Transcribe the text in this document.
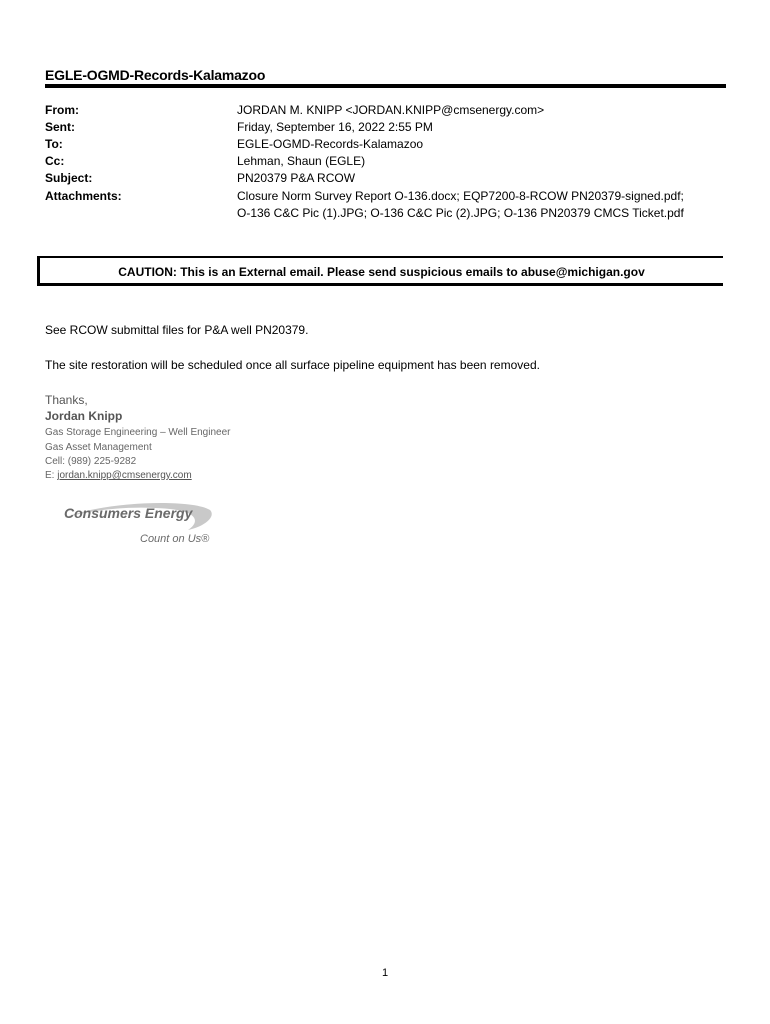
EGLE-OGMD-Records-Kalamazoo
From:	JORDAN M. KNIPP <JORDAN.KNIPP@cmsenergy.com>
Sent:	Friday, September 16, 2022 2:55 PM
To:	EGLE-OGMD-Records-Kalamazoo
Cc:	Lehman, Shaun (EGLE)
Subject:	PN20379 P&A RCOW
Attachments:	Closure Norm Survey Report O-136.docx; EQP7200-8-RCOW PN20379-signed.pdf;
O-136 C&C Pic (1).JPG; O-136 C&C Pic (2).JPG; O-136 PN20379 CMCS Ticket.pdf
CAUTION: This is an External email. Please send suspicious emails to abuse@michigan.gov
See RCOW submittal files for P&A well PN20379.
The site restoration will be scheduled once all surface pipeline equipment has been removed.
Thanks,
Jordan Knipp
Gas Storage Engineering – Well Engineer
Gas Asset Management
Cell: (989) 225-9282
E: jordan.knipp@cmsenergy.com
Consumers Energy
Count on Us®
1
